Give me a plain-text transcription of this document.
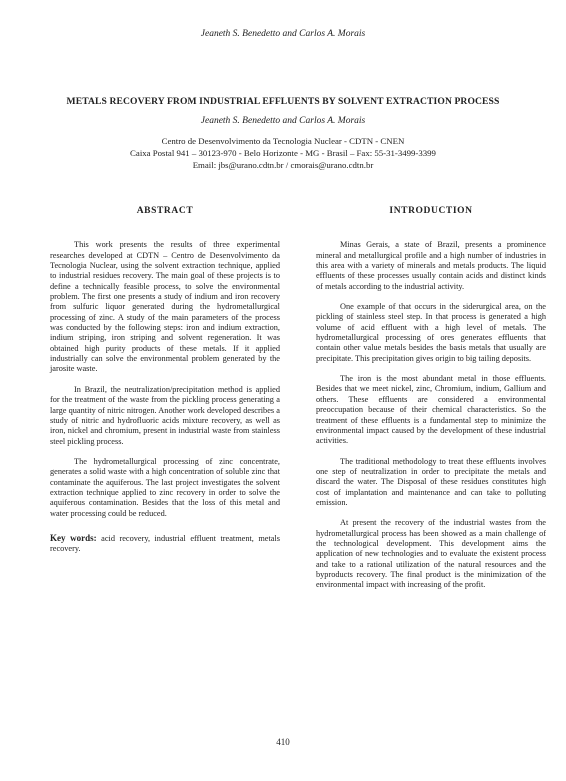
Jeaneth S. Benedetto and Carlos A. Morais
METALS RECOVERY FROM INDUSTRIAL EFFLUENTS BY SOLVENT EXTRACTION PROCESS
Jeaneth S. Benedetto and Carlos A. Morais
Centro de Desenvolvimento da Tecnologia Nuclear - CDTN - CNEN
Caixa Postal 941 – 30123-970 - Belo Horizonte - MG - Brasil – Fax: 55-31-3499-3399
Email: jbs@urano.cdtn.br / cmorais@urano.cdtn.br
ABSTRACT

This work presents the results of three experimental researches developed at CDTN – Centro de Desenvolvimento da Tecnologia Nuclear, using the solvent extraction technique, applied to industrial residues recovery. The main goal of these projects is to define a technically feasible process, to solve the environmental problem. The first one presents a study of indium and iron recovery from sulfuric liquor generated during the hydrometallurgical processing of zinc. A study of the main parameters of the process was conducted by the following steps: iron and indium extraction, indium striping, iron striping and solvent regeneration. It was obtained high purity products of these metals. If it applied industrially can solve the environmental problem generated by the jarosite waste.

In Brazil, the neutralization/precipitation method is applied for the treatment of the waste from the pickling process generating a large quantity of nitric nitrogen. Another work developed describes a study of nitric and hydrofluoric acids mixture recovery, as well as iron, nickel and chromium, present in industrial waste from stainless steel pickling process.

The hydrometallurgical processing of zinc concentrate, generates a solid waste with a high concentration of soluble zinc that contaminate the aquiferous. The last project investigates the solvent extraction technique applied to zinc recovery in order to solve the aquiferous contamination. Besides that the loss of this metal and water processing could be reduced.

Key words: acid recovery, industrial effluent treatment, metals recovery.

INTRODUCTION

Minas Gerais, a state of Brazil, presents a prominence mineral and metallurgical profile and a high number of industries in this area with a variety of minerals and metals products. The liquid effluents of these processes usually contain acids and distinct kinds of metals according to the industrial activity.

One example of that occurs in the siderurgical area, on the pickling of stainless steel step. In that process is generated a high volume of acid effluent with a high level of metals. The hydrometallurgical processing of ores generates effluents that contain other value metals besides the basis metals that usually are precipitate. This precipitation gives origin to big tailing deposits.

The iron is the most abundant metal in those effluents. Besides that we meet nickel, zinc, Chromium, indium, Gallium and others. These effluents are considered a environmental preoccupation because of their chemical characteristics. So the treatment of these effluents is a fundamental step to minimize the environmental impact caused by the development of these industrial activities.

The traditional methodology to treat these effluents involves one step of neutralization in order to precipitate the metals and discard the water. The Disposal of these residues constitutes high cost of implantation and maintenance and can take to polluting emission.

At present the recovery of the industrial wastes from the hydrometallurgical process has been showed as a main challenge of the technological development. This development aims the application of new technologies and to evaluate the existent process and take to a rational utilization of the natural resources and the byproducts recovery. The final product is the minimization of the environmental impact with increasing of the profit.

410
